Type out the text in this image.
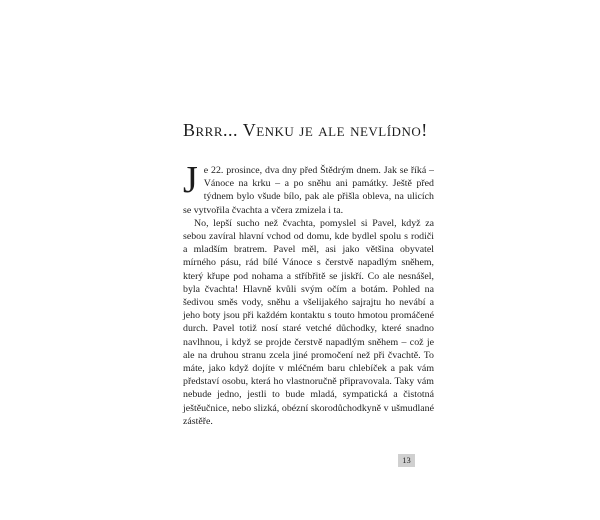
Brrr... Venku je ale nevlídno!

Je 22. prosince, dva dny před Štědrým dnem. Jak se říká – Vánoce na krku – a po sněhu ani památky. Ještě před týdnem bylo všude bílo, pak ale přišla obleva, na ulicích se vytvořila čvachta a včera zmizela i ta.

No, lepší sucho než čvachta, pomyslel si Pavel, když za sebou zavíral hlavní vchod od domu, kde bydlel spolu s rodiči a mladším bratrem. Pavel měl, asi jako většina obyvatel mírného pásu, rád bílé Vánoce s čerstvě napadlým sněhem, který křupe pod nohama a stříbřitě se jiskří. Co ale nesnášel, byla čvachta! Hlavně kvůli svým očím a botám. Pohled na šedivou směs vody, sněhu a všelijakého sajrajtu ho nevábí a jeho boty jsou při každém kontaktu s touto hmotou promáčené durch. Pavel totiž nosí staré vetché důchodky, které snadno navlhnou, i když se projde čerstvě napadlým sněhem – což je ale na druhou stranu zcela jiné promočení než při čvachtě. To máte, jako když dojíte v mléčném baru chlebíček a pak vám představí osobu, která ho vlastnoručně připravovala. Taky vám nebude jedno, jestli to bude mladá, sympatická a čistotná ještěučnice, nebo slizká, obézní skorodůchodkyně v ušmudlané zástěře.

13
